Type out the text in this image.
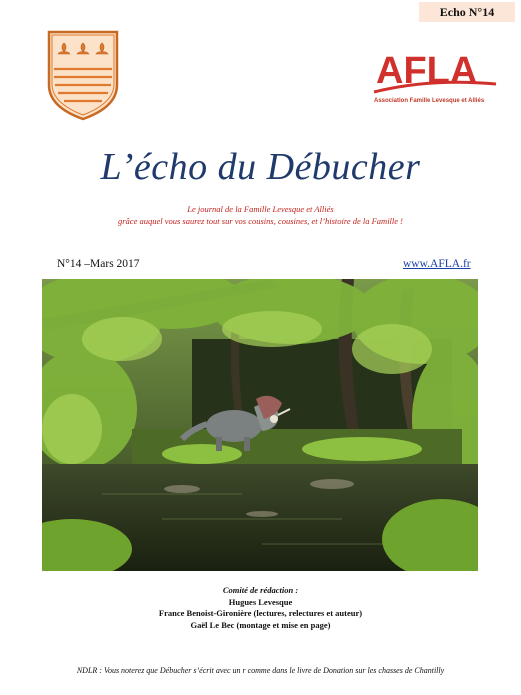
Echo N°14
AFLA
Association Famille Levesque et Alliés
L’écho du Débucher
Le journal de la Famille Levesque et Alliés
grâce auquel vous saurez tout sur vos cousins, cousines, et l’histoire de la Famille !
N°14 –Mars 2017	www.AFLA.fr
Comité de rédaction :
Hugues Levesque
France Benoist-Gironière (lectures, relectures et auteur)
Gaël Le Bec (montage et mise en page)
NDLR : Vous noterez que Débucher s’écrit avec un r comme dans le livre de Donation sur les chasses de Chantilly
